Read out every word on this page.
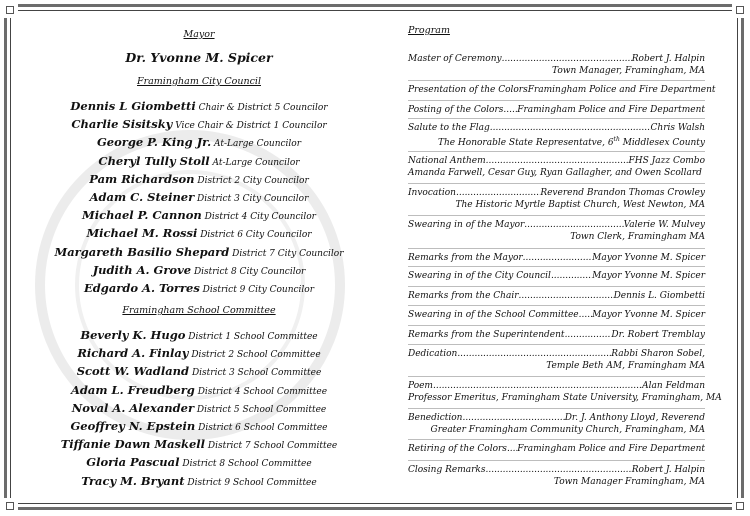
Mayor
Dr. Yvonne M. Spicer
Framingham City Council
Dennis L Giombetti Chair & District 5 Councilor
Charlie Sisitsky Vice Chair & District 1 Councilor
George P. King Jr. At-Large Councilor
Cheryl Tully Stoll At-Large Councilor
Pam Richardson District 2 City Councilor
Adam C. Steiner District 3 City Councilor
Michael P. Cannon District 4 City Councilor
Michael M. Rossi District 6 City Councilor
Margareth Basilio Shepard District 7 City Councilor
Judith A. Grove District 8 City Councilor
Edgardo A. Torres District 9 City Councilor
Framingham School Committee
Beverly K. Hugo District 1 School Committee
Richard A. Finlay District 2 School Committee
Scott W. Wadland District 3 School Committee
Adam L. Freudberg District 4 School Committee
Noval A. Alexander District 5 School Committee
Geoffrey N. Epstein District 6 School Committee
Tiffanie Dawn Maskell District 7 School Committee
Gloria Pascual District 8 School Committee
Tracy M. Bryant District 9 School Committee
Program
Master of Ceremony .....	Robert J. Halpin
Town Manager, Framingham, MA
Presentation of the Colors Framingham Police and Fire Department
Posting of the Colors ..... Framingham Police and Fire Department
Salute to the Flag .....	Chris Walsh
The Honorable State Representatve, 6th Middlesex County
National Anthem .....	FHS Jazz Combo
Amanda Farwell, Cesar Guy, Ryan Gallagher, and Owen Scollard
Invocation .....	Reverend Brandon Thomas Crowley
The Historic Myrtle Baptist Church, West Newton, MA
Swearing in of the Mayor .....	Valerie W. Mulvey
Town Clerk, Framingham MA
Remarks from the Mayor .....	Mayor Yvonne M. Spicer
Swearing in of the City Council .....	Mayor Yvonne M. Spicer
Remarks from the Chair .....	Dennis L. Giombetti
Swearing in of the School Committee ..... Mayor Yvonne M. Spicer
Remarks from the Superintendent .....	Dr. Robert Tremblay
Dedication .....	Rabbi Sharon Sobel,
Temple Beth AM, Framingham MA
Poem .....	Alan Feldman
Professor Emeritus, Framingham State University, Framingham, MA
Benediction .....	Dr. J. Anthony Lloyd, Reverend
Greater Framingham Community Church, Framingham, MA
Retiring of the Colors ..... Framingham Police and Fire Department
Closing Remarks .....	Robert J. Halpin
Town Manager Framingham, MA
